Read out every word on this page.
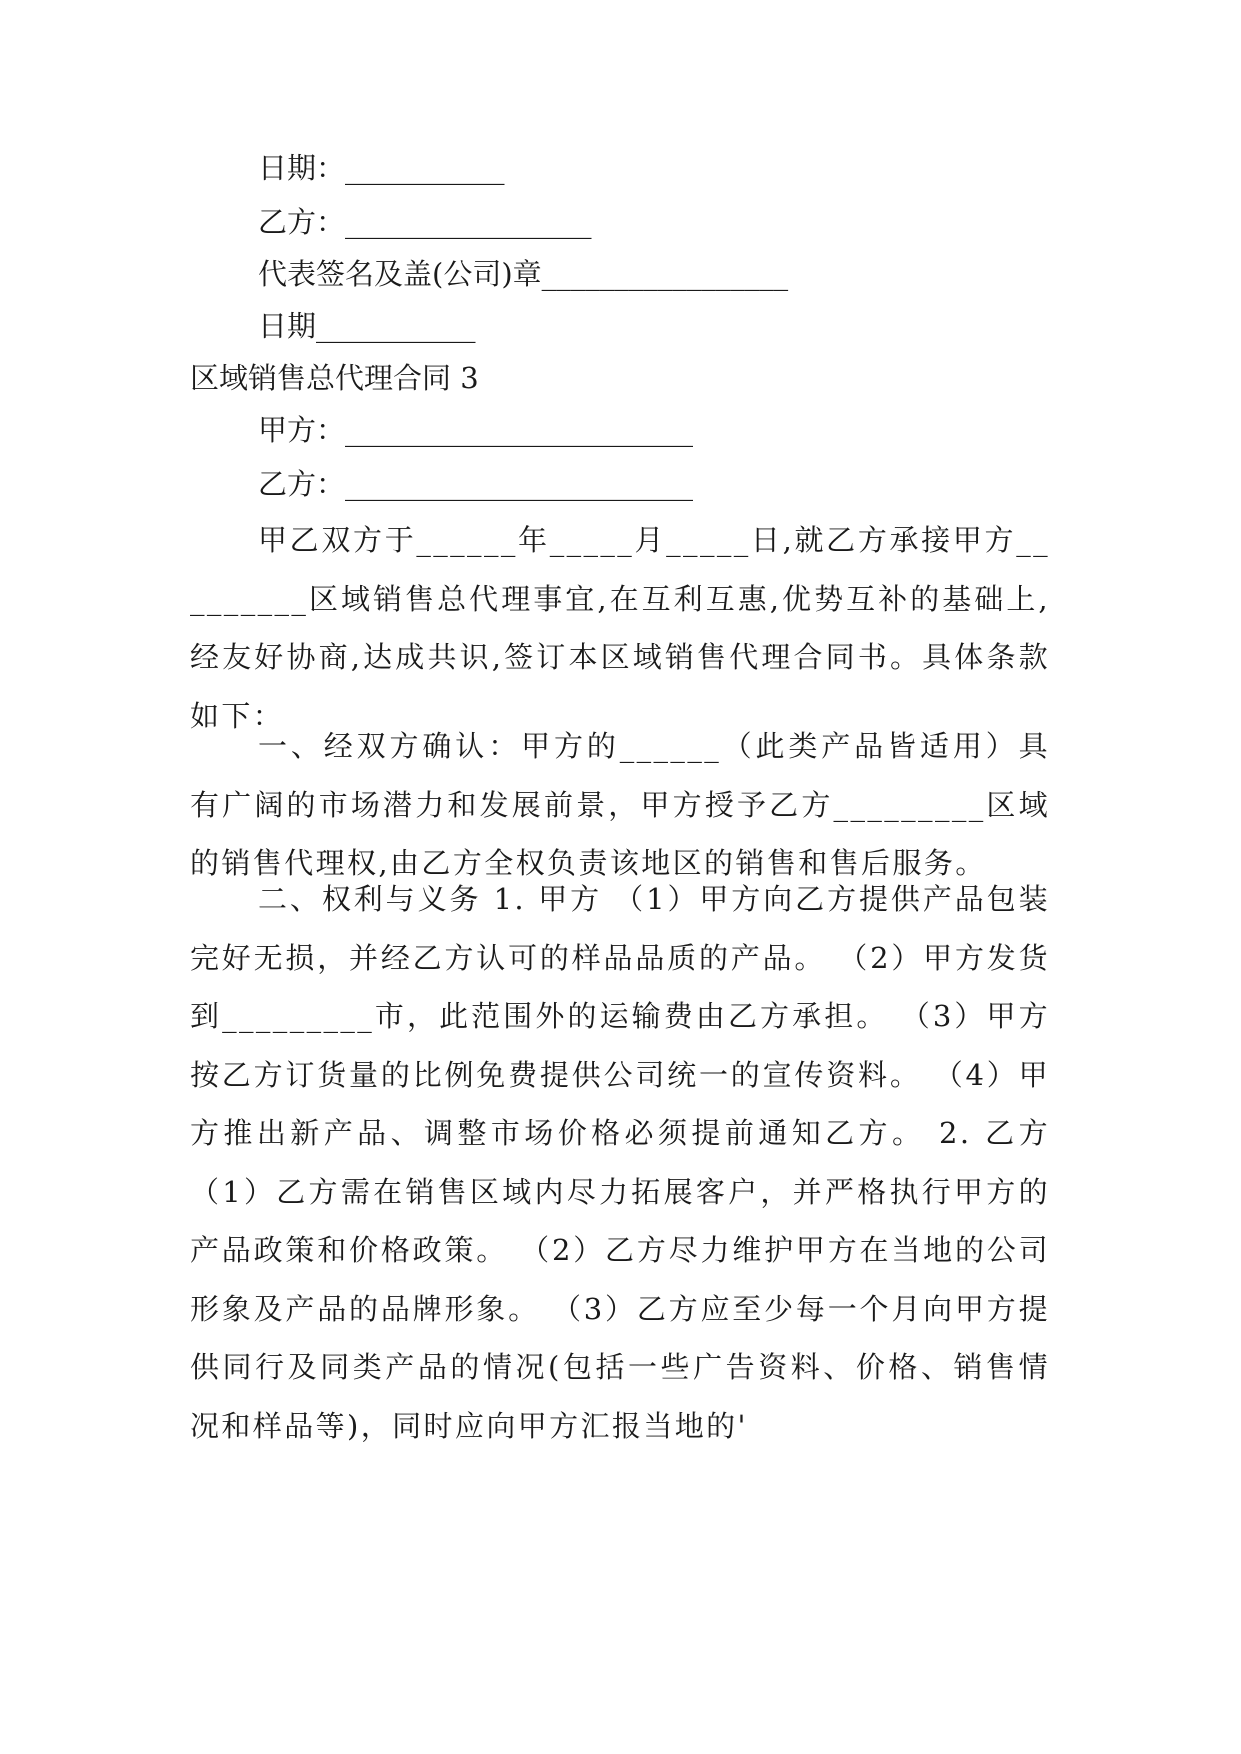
日期：___________
乙方：_________________
代表签名及盖(公司)章_________________
日期___________
区域销售总代理合同 3
甲方：________________________
乙方：________________________
甲乙双方于______年_____月_____日,就乙方承接甲方_________区域销售总代理事宜,在互利互惠,优势互补的基础上,经友好协商,达成共识,签订本区域销售代理合同书。具体条款如下：
一、经双方确认：甲方的______（此类产品皆适用）具有广阔的市场潜力和发展前景，甲方授予乙方_________区域的销售代理权,由乙方全权负责该地区的销售和售后服务。
二、权利与义务 1. 甲方 （1）甲方向乙方提供产品包装完好无损，并经乙方认可的样品品质的产品。 （2）甲方发货到_________市，此范围外的运输费由乙方承担。 （3）甲方按乙方订货量的比例免费提供公司统一的宣传资料。 （4）甲方推出新产品、调整市场价格必须提前通知乙方。 2. 乙方 （1）乙方需在销售区域内尽力拓展客户，并严格执行甲方的产品政策和价格政策。 （2）乙方尽力维护甲方在当地的公司形象及产品的品牌形象。 （3）乙方应至少每一个月向甲方提供同行及同类产品的情况(包括一些广告资料、价格、销售情况和样品等)，同时应向甲方汇报当地的'
